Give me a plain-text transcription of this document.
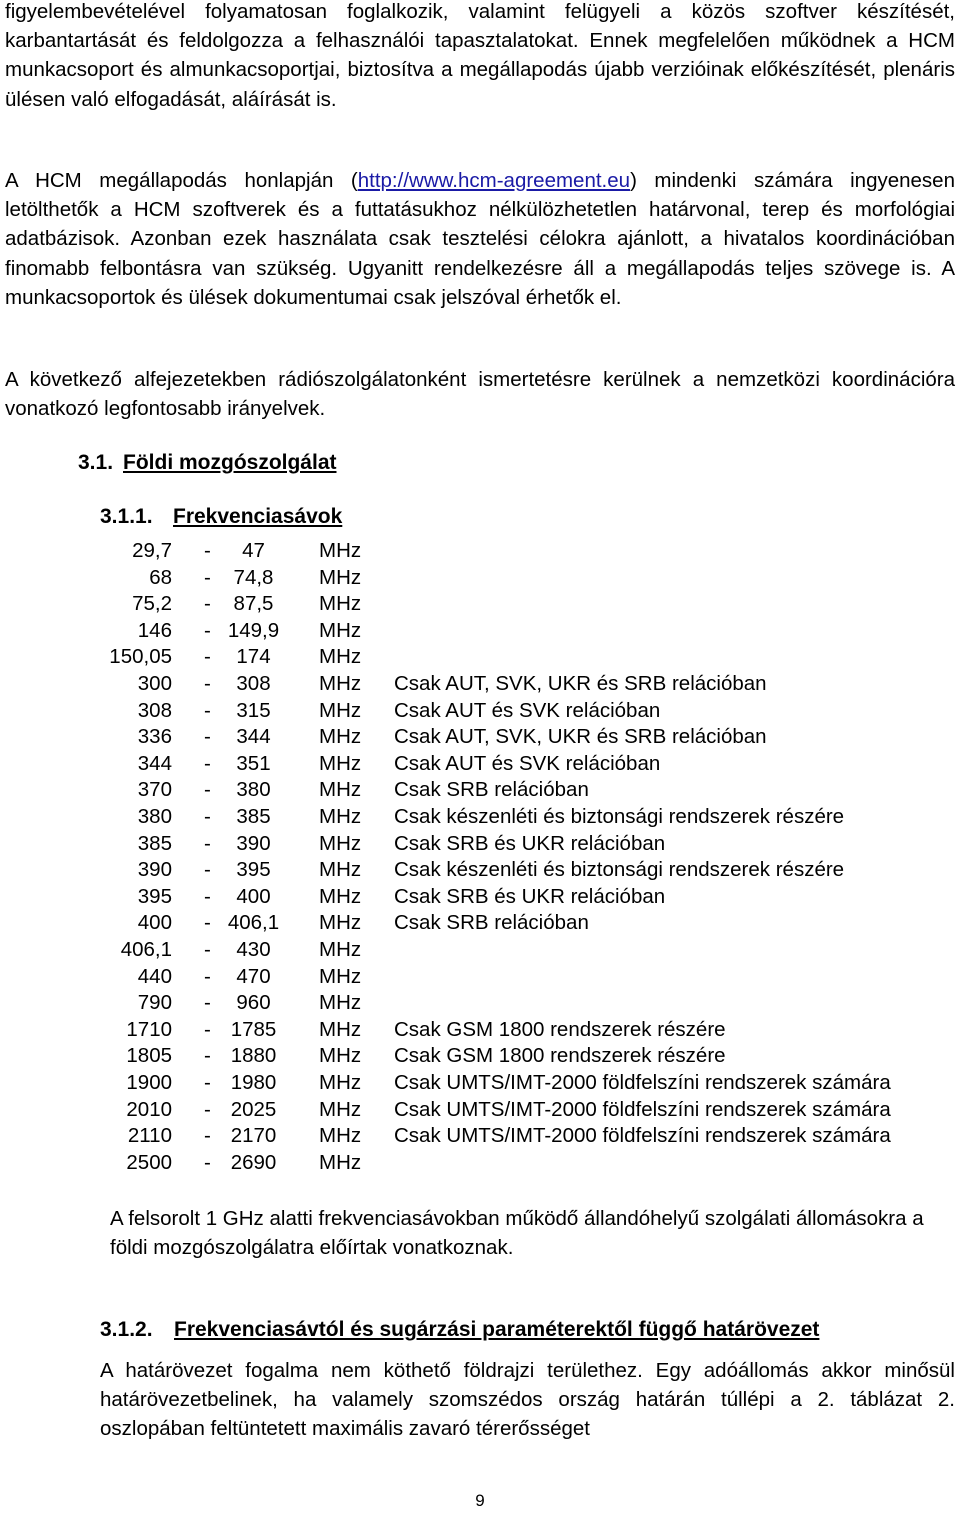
figyelembevételével folyamatosan foglalkozik, valamint felügyeli a közös szoftver készítését, karbantartását és feldolgozza a felhasználói tapasztalatokat. Ennek megfelelően működnek a HCM munkacsoport és almunkacsoportjai, biztosítva a megállapodás újabb verzióinak előkészítését, plenáris ülésen való elfogadását, aláírását is.

A HCM megállapodás honlapján (http://www.hcm-agreement.eu) mindenki számára ingyenesen letölthetők a HCM szoftverek és a futtatásukhoz nélkülözhetetlen határvonal, terep és morfológiai adatbázisok. Azonban ezek használata csak tesztelési célokra ajánlott, a hivatalos koordinációban finomabb felbontásra van szükség. Ugyanitt rendelkezésre áll a megállapodás teljes szövege is. A munkacsoportok és ülések dokumentumai csak jelszóval érhetők el.

A következő alfejezetekben rádiószolgálatonként ismertetésre kerülnek a nemzetközi koordinációra vonatkozó legfontosabb irányelvek.

3.1. Földi mozgószolgálat
3.1.1. Frekvenciasávok
29,7 -	47	MHz
68 -	74,8	MHz
75,2 -	87,5	MHz
146 - 149,9 MHz
150,05 -	174	MHz
300 -	308	MHz Csak AUT, SVK, UKR és SRB relációban
308 -	315	MHz Csak AUT és SVK relációban
336 -	344	MHz Csak AUT, SVK, UKR és SRB relációban
344 -	351	MHz Csak AUT és SVK relációban
370 -	380	MHz Csak SRB relációban
380 -	385	MHz Csak készenléti és biztonsági rendszerek részére
385 -	390	MHz Csak SRB és UKR relációban
390 -	395	MHz Csak készenléti és biztonsági rendszerek részére
395 -	400	MHz Csak SRB és UKR relációban
400 - 406,1 MHz Csak SRB relációban
406,1 -	430	MHz
440 -	470	MHz
790 -	960	MHz
1710 - 1785 MHz Csak GSM 1800 rendszerek részére
1805 - 1880 MHz Csak GSM 1800 rendszerek részére
1900 - 1980 MHz Csak UMTS/IMT-2000 földfelszíni rendszerek számára
2010 - 2025 MHz Csak UMTS/IMT-2000 földfelszíni rendszerek számára
2110 - 2170 MHz Csak UMTS/IMT-2000 földfelszíni rendszerek számára
2500 - 2690 MHz

A felsorolt 1 GHz alatti frekvenciasávokban működő állandóhelyű szolgálati állomásokra a földi mozgószolgálatra előírtak vonatkoznak.

3.1.2. Frekvenciasávtól és sugárzási paraméterektől függő határövezet

A határövezet fogalma nem köthető földrajzi területhez. Egy adóállomás akkor minősül határövezetbelinek, ha valamely szomszédos ország határán túllépi a 2. táblázat 2. oszlopában feltüntetett maximális zavaró térerősséget

9
